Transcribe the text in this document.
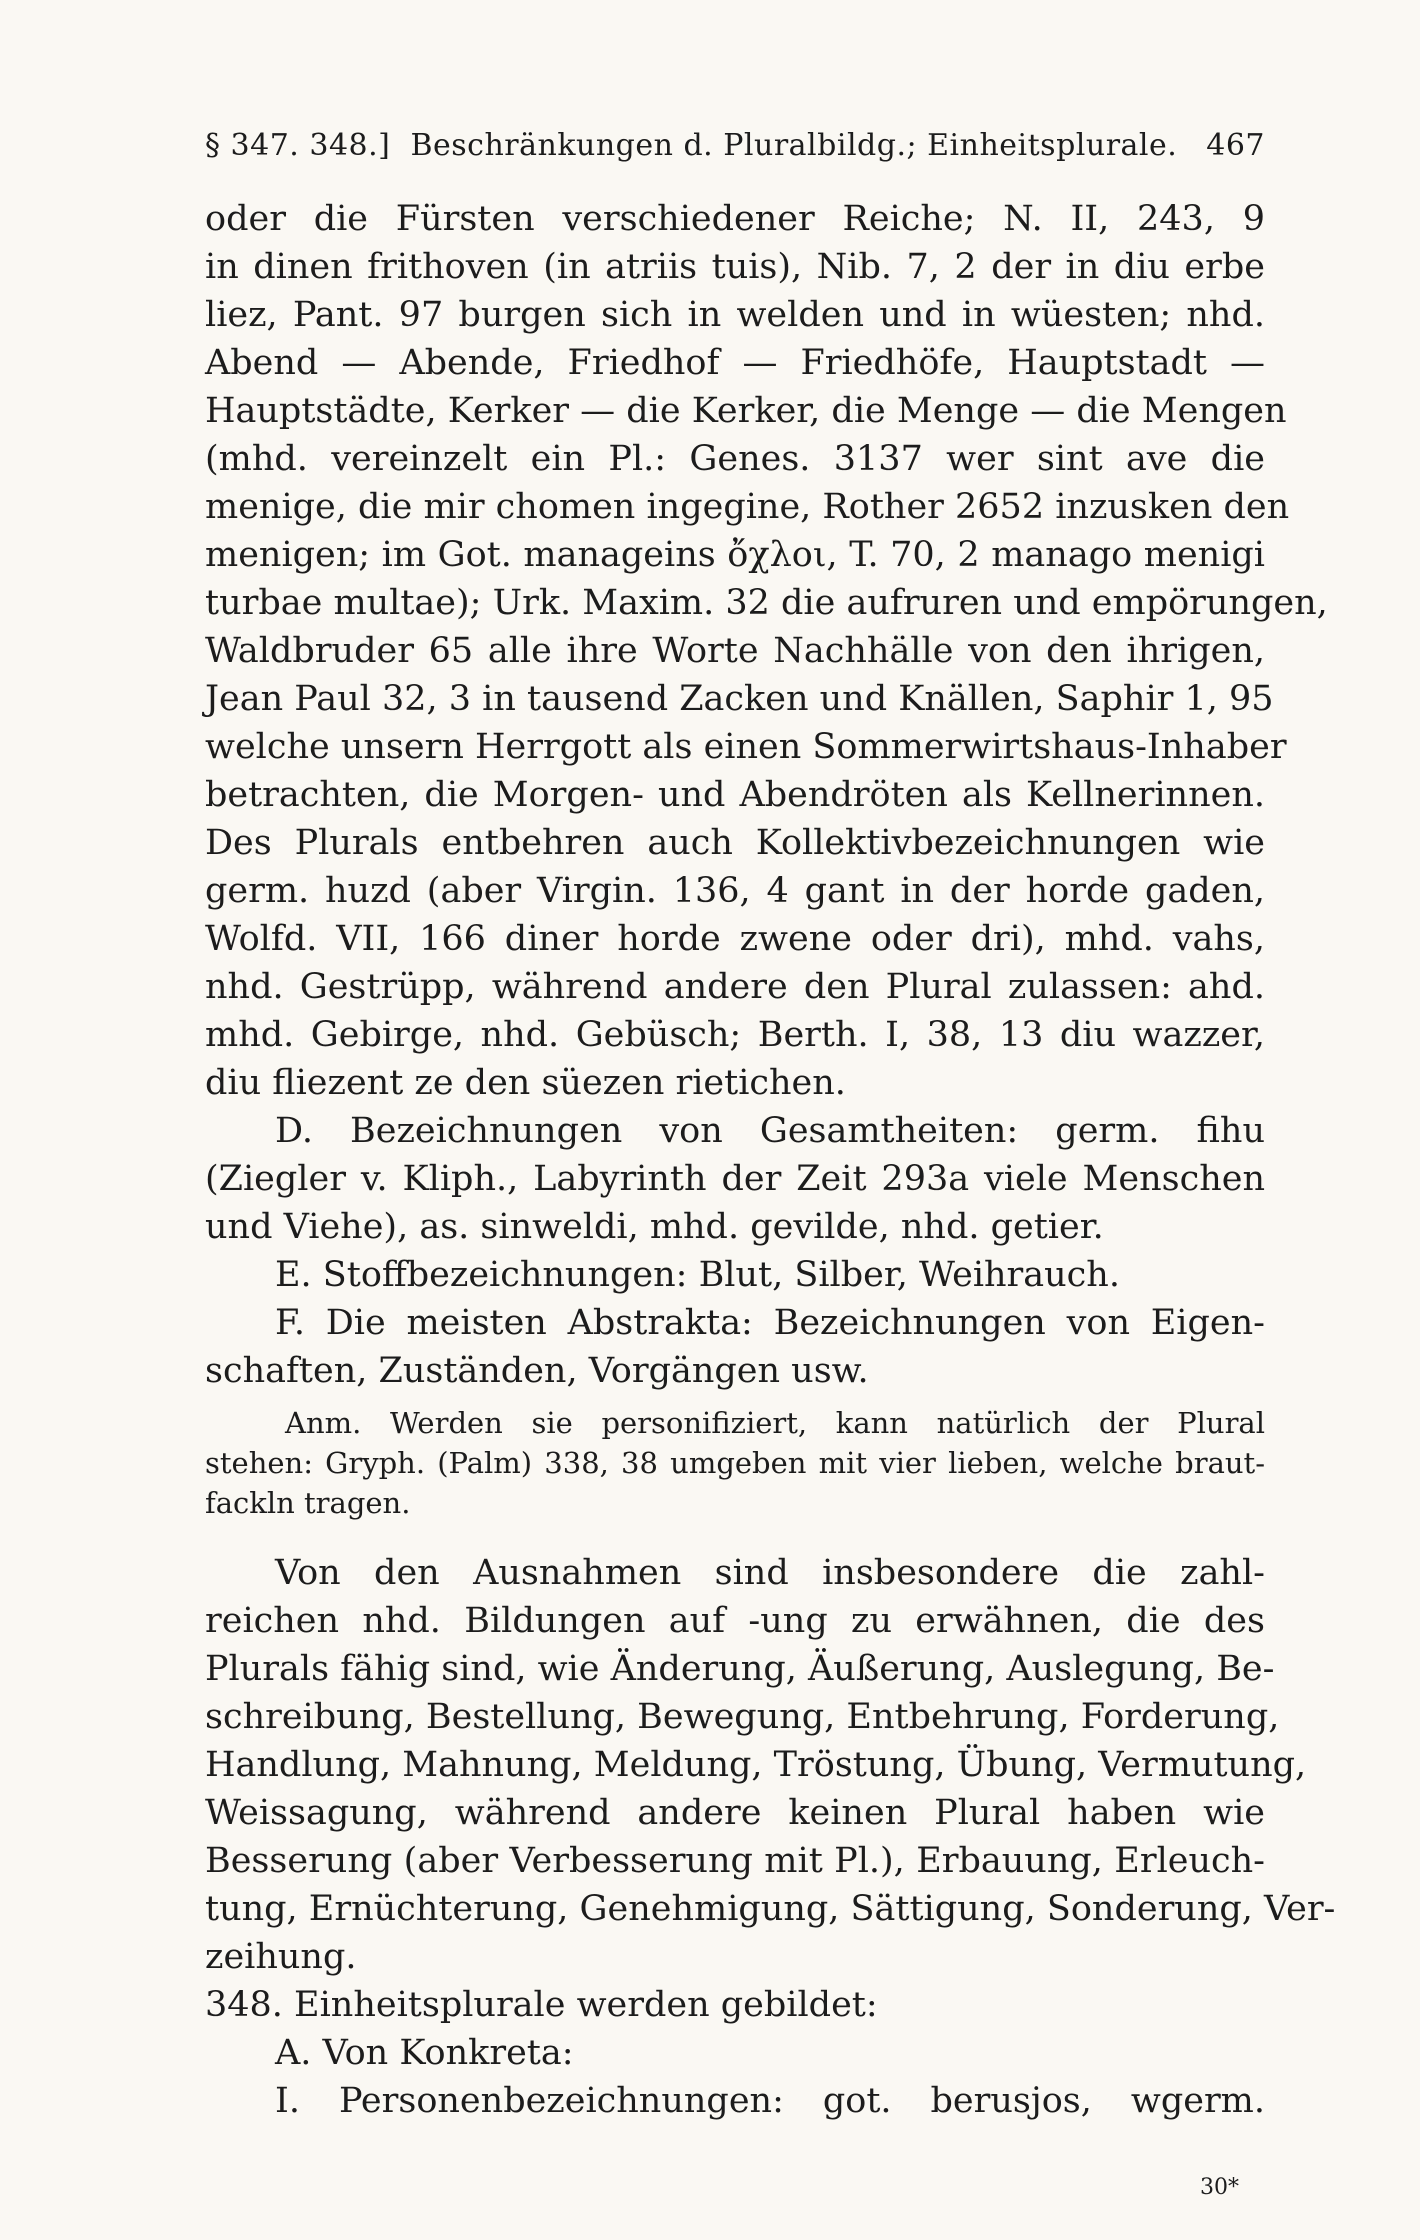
§ 347. 348.] Beschränkungen d. Pluralbildg.; Einheitsplurale. 467
oder die Fürsten verschiedener Reiche; N. II, 243, 9
in dinen frithoven (in atriis tuis), Nib. 7, 2 der in diu erbe
liez, Pant. 97 burgen sich in welden und in wüesten; nhd.
Abend — Abende, Friedhof — Friedhöfe, Hauptstadt —
Hauptstädte, Kerker — die Kerker, die Menge — die Mengen
(mhd. vereinzelt ein Pl.: Genes. 3137 wer sint ave die
menige, die mir chomen ingegine, Rother 2652 inzusken den
menigen; im Got. manageins ὄχλοι, T. 70, 2 manago menigi
turbae multae); Urk. Maxim. 32 die aufruren und empörungen,
Waldbruder 65 alle ihre Worte Nachhälle von den ihrigen,
Jean Paul 32, 3 in tausend Zacken und Knällen, Saphir 1, 95
welche unsern Herrgott als einen Sommerwirtshaus-Inhaber
betrachten, die Morgen- und Abendröten als Kellnerinnen.
Des Plurals entbehren auch Kollektivbezeichnungen wie
germ. huzd (aber Virgin. 136, 4 gant in der horde gaden,
Wolfd. VII, 166 diner horde zwene oder dri), mhd. vahs,
nhd. Gestrüpp, während andere den Plural zulassen: ahd.
mhd. Gebirge, nhd. Gebüsch; Berth. I, 38, 13 diu wazzer,
diu fliezent ze den süezen rietichen.
D. Bezeichnungen von Gesamtheiten: germ. fihu
(Ziegler v. Kliph., Labyrinth der Zeit 293a viele Menschen
und Viehe), as. sinweldi, mhd. gevilde, nhd. getier.
E. Stoffbezeichnungen: Blut, Silber, Weihrauch.
F. Die meisten Abstrakta: Bezeichnungen von Eigen-
schaften, Zuständen, Vorgängen usw.
Anm. Werden sie personifiziert, kann natürlich der Plural
stehen: Gryph. (Palm) 338, 38 umgeben mit vier lieben, welche braut-
fackln tragen.
Von den Ausnahmen sind insbesondere die zahl-
reichen nhd. Bildungen auf -ung zu erwähnen, die des
Plurals fähig sind, wie Änderung, Äußerung, Auslegung, Be-
schreibung, Bestellung, Bewegung, Entbehrung, Forderung,
Handlung, Mahnung, Meldung, Tröstung, Übung, Vermutung,
Weissagung, während andere keinen Plural haben wie
Besserung (aber Verbesserung mit Pl.), Erbauung, Erleuch-
tung, Ernüchterung, Genehmigung, Sättigung, Sonderung, Ver-
zeihung.
348. Einheitsplurale werden gebildet:
A. Von Konkreta:
I. Personenbezeichnungen: got. berusjos, wgerm.
30*
